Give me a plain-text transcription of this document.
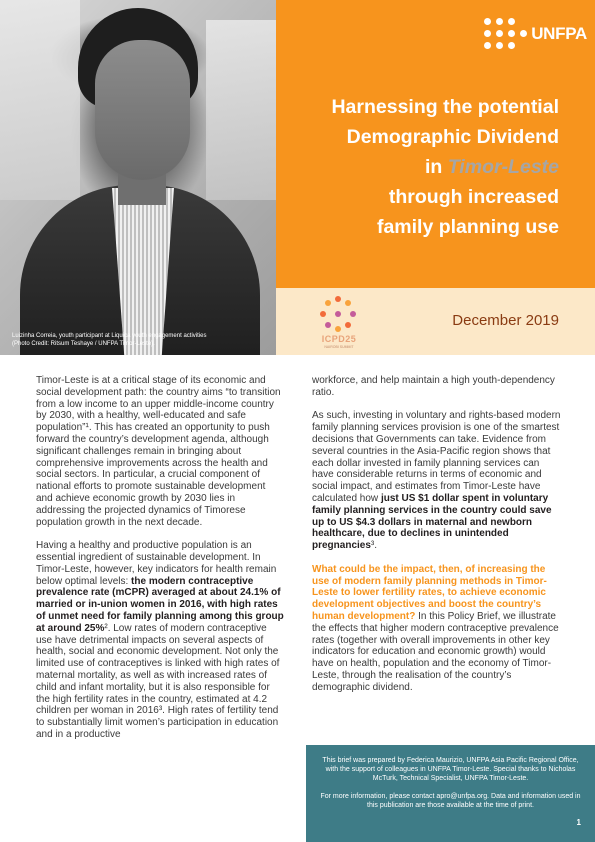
Luizinha Correia, youth participant at Liquica youth engagement activities
(Photo Credit: Ritsum Teshaye / UNFPA Timor-Leste).
UNFPA
Harnessing the potential
Demographic Dividend
in Timor-Leste
through increased
family planning use
ICPD25
NAIROBI SUMMIT
December 2019

Timor-Leste is at a critical stage of its economic and social development path: the country aims “to transition from a low income to an upper middle-income country by 2030, with a healthy, well-educated and safe population”¹. This has created an opportunity to push forward the country’s development agenda, although significant challenges remain in bringing about comprehensive improvements across the health and social sectors. In particular, a crucial component of national efforts to promote sustainable development and achieve economic growth by 2030 lies in addressing the projected dynamics of Timorese population growth in the next decade.

Having a healthy and productive population is an essential ingredient of sustainable development. In Timor-Leste, however, key indicators for health remain below optimal levels: the modern contraceptive prevalence rate (mCPR) averaged at about 24.1% of married or in-union women in 2016, with high rates of unmet need for family planning among this group at around 25%². Low rates of modern contraceptive use have detrimental impacts on several aspects of health, social and economic development. Not only the limited use of contraceptives is linked with high rates of maternal mortality, as well as with increased rates of child and infant mortality, but it is also responsible for the high fertility rates in the country, estimated at 4.2 children per woman in 2016³. High rates of fertility tend to substantially limit women’s participation in education and in a productive

workforce, and help maintain a high youth-dependency ratio.

As such, investing in voluntary and rights-based modern family planning services provision is one of the smartest decisions that Governments can take. Evidence from several countries in the Asia-Pacific region shows that each dollar invested in family planning services can have considerable returns in terms of economic and social impact, and estimates from Timor-Leste have calculated how just US $1 dollar spent in voluntary family planning services in the country could save up to US $4.3 dollars in maternal and newborn healthcare, due to declines in unintended pregnancies³.

What could be the impact, then, of increasing the use of modern family planning methods in Timor-Leste to lower fertility rates, to achieve economic development objectives and boost the country’s human development? In this Policy Brief, we illustrate the effects that higher modern contraceptive prevalence rates (together with overall improvements in other key indicators for education and economic growth) would have on health, population and the economy of Timor-Leste, through the realisation of the country’s demographic dividend.

This brief was prepared by Federica Maurizio, UNFPA Asia Pacific Regional Office, with the support of colleagues in UNFPA Timor-Leste. Special thanks to Nicholas McTurk, Technical Specialist, UNFPA Timor-Leste.

For more information, please contact apro@unfpa.org. Data and information used in this publication are those available at the time of print.

1
